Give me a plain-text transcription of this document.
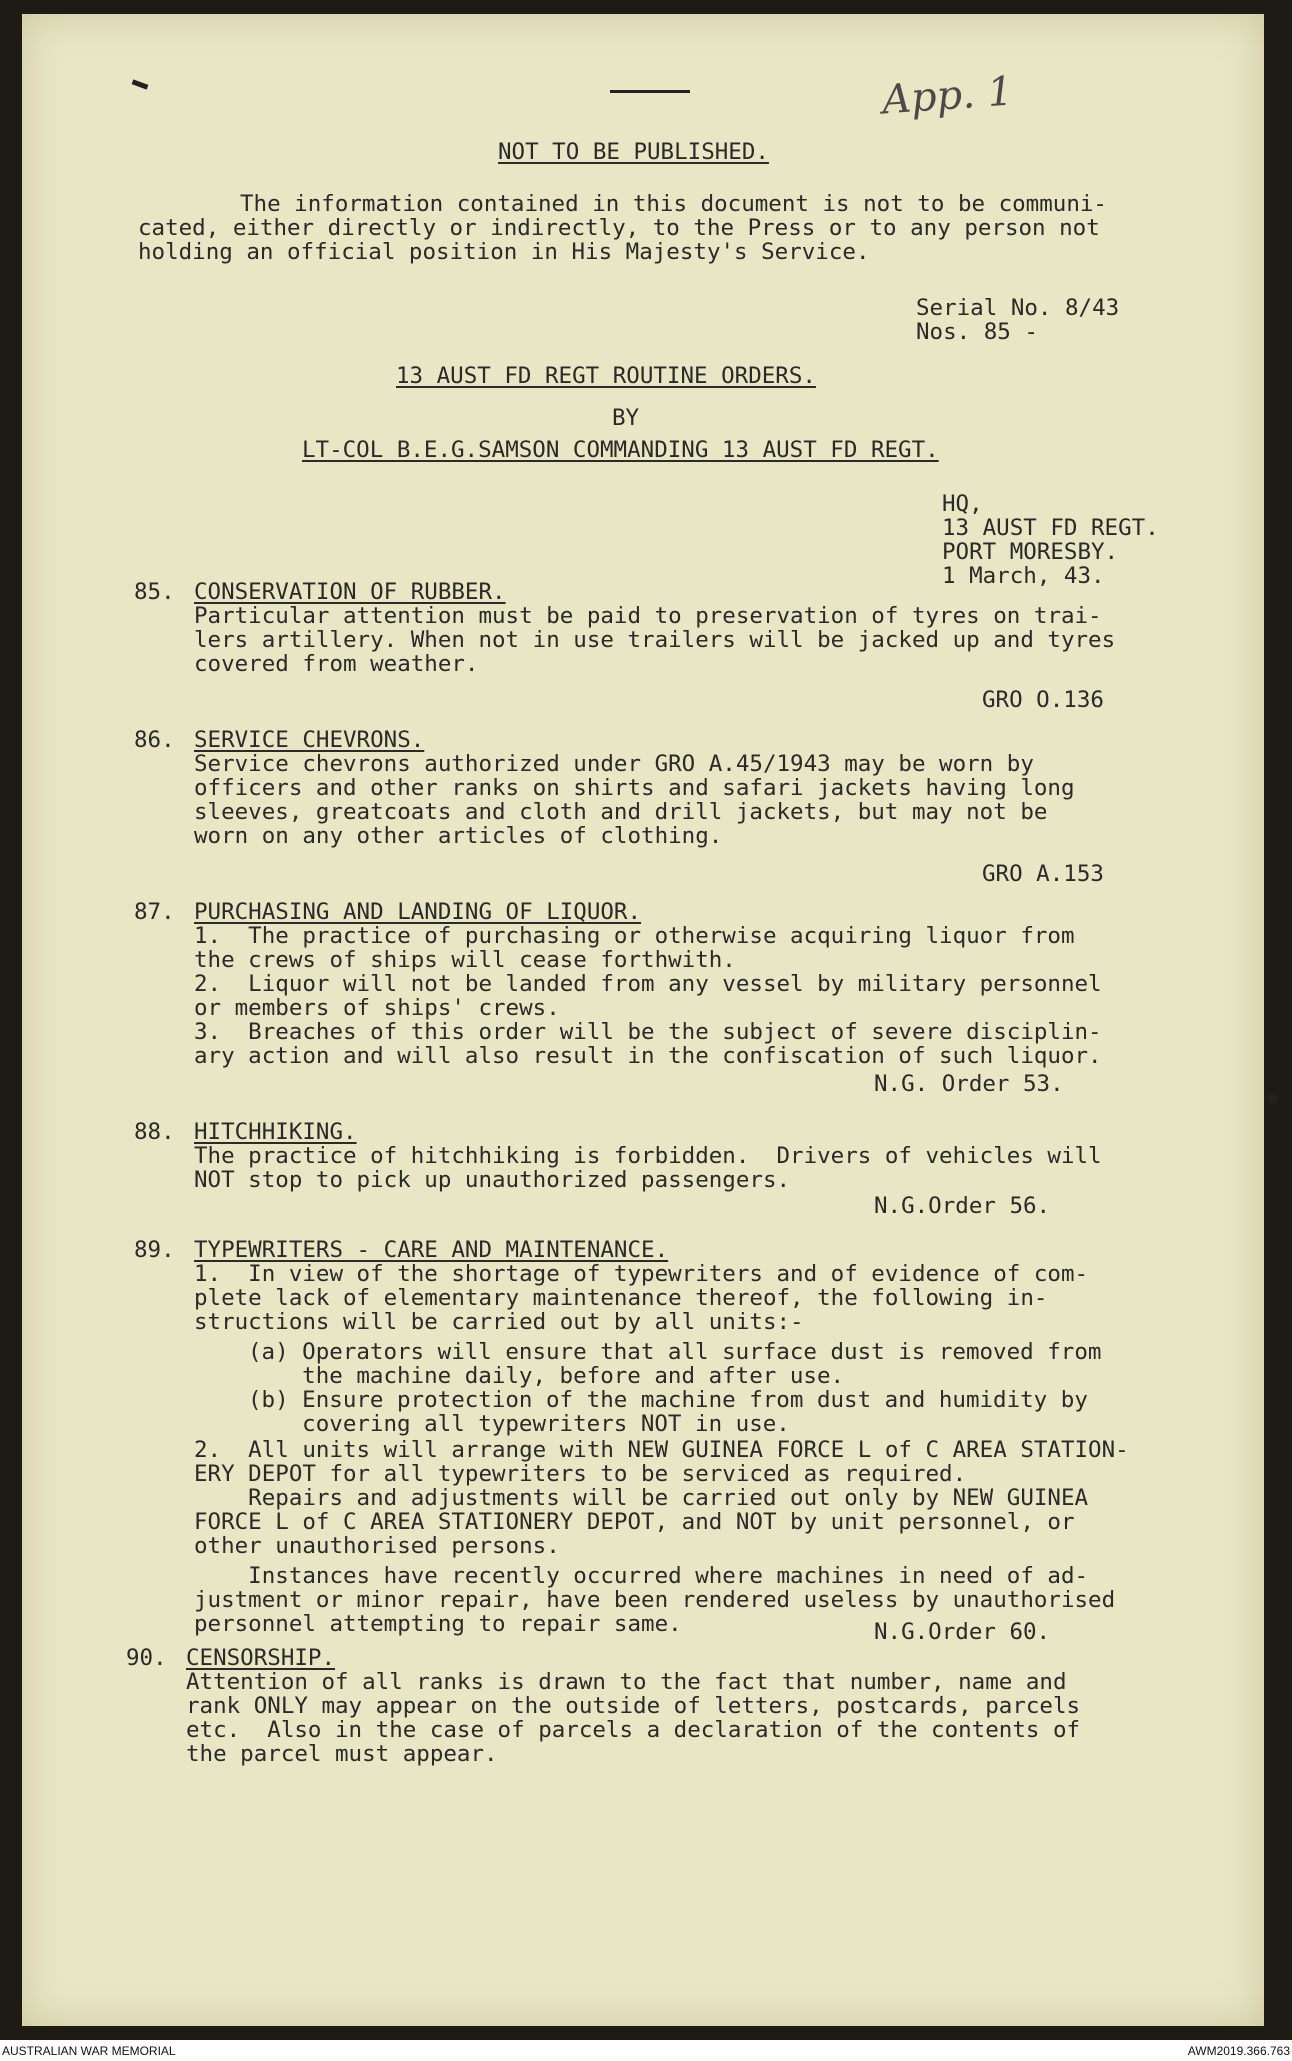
App. 1
NOT TO BE PUBLISHED.
The information contained in this document is not to be communi-
cated, either directly or indirectly, to the Press or to any person not
holding an official position in His Majesty's Service.
Serial No. 8/43
Nos. 85 -
13 AUST FD REGT ROUTINE ORDERS.
BY
LT-COL B.E.G.SAMSON COMMANDING 13 AUST FD REGT.
HQ,
13 AUST FD REGT.
PORT MORESBY.
1 March, 43.
85. CONSERVATION OF RUBBER.
Particular attention must be paid to preservation of tyres on trai-
lers artillery. When not in use trailers will be jacked up and tyres
covered from weather.
GRO O.136
86. SERVICE CHEVRONS.
Service chevrons authorized under GRO A.45/1943 may be worn by
officers and other ranks on shirts and safari jackets having long
sleeves, greatcoats and cloth and drill jackets, but may not be
worn on any other articles of clothing.
GRO A.153
87. PURCHASING AND LANDING OF LIQUOR.
1.  The practice of purchasing or otherwise acquiring liquor from
the crews of ships will cease forthwith.
2.  Liquor will not be landed from any vessel by military personnel
or members of ships' crews.
3.  Breaches of this order will be the subject of severe disciplin-
ary action and will also result in the confiscation of such liquor.
N.G. Order 53.
88. HITCHHIKING.
The practice of hitchhiking is forbidden.  Drivers of vehicles will
NOT stop to pick up unauthorized passengers.
N.G.Order 56.
89. TYPEWRITERS - CARE AND MAINTENANCE.
1.  In view of the shortage of typewriters and of evidence of com-
plete lack of elementary maintenance thereof, the following in-
structions will be carried out by all units:-
(a) Operators will ensure that all surface dust is removed from
the machine daily, before and after use.
(b) Ensure protection of the machine from dust and humidity by
covering all typewriters NOT in use.
2.  All units will arrange with NEW GUINEA FORCE L of C AREA STATION-
ERY DEPOT for all typewriters to be serviced as required.
Repairs and adjustments will be carried out only by NEW GUINEA
FORCE L of C AREA STATIONERY DEPOT, and NOT by unit personnel, or
other unauthorised persons.
Instances have recently occurred where machines in need of ad-
justment or minor repair, have been rendered useless by unauthorised
personnel attempting to repair same.	N.G.Order 60.
90. CENSORSHIP.
Attention of all ranks is drawn to the fact that number, name and
rank ONLY may appear on the outside of letters, postcards, parcels
etc.  Also in the case of parcels a declaration of the contents of
the parcel must appear.
AUSTRALIAN WAR MEMORIAL	AWM2019.366.763
